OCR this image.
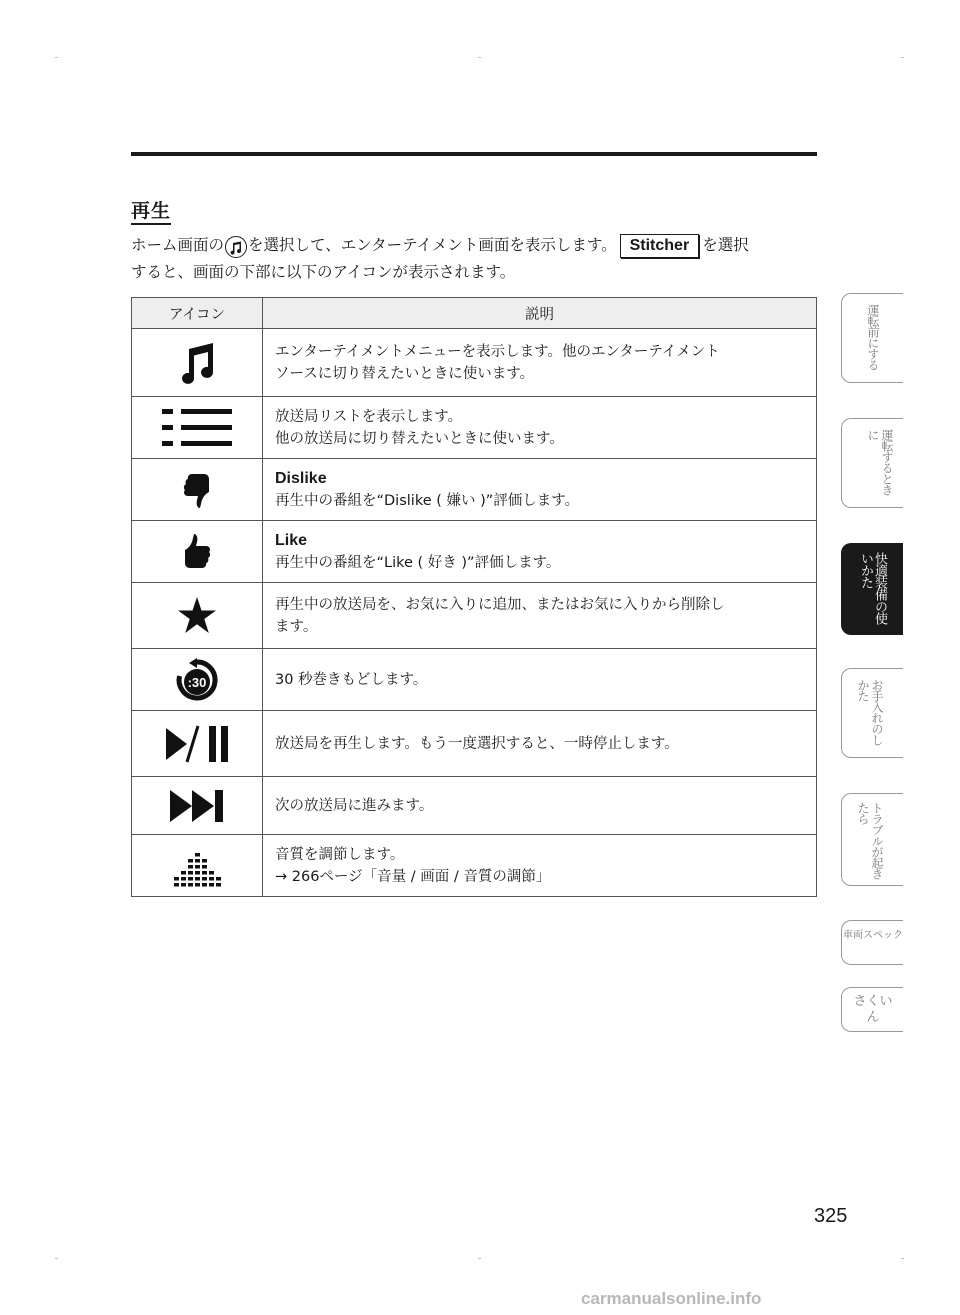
再生
ホーム画面の を選択して、エンターテイメント画面を表示します。 Stitcher を選択
すると、画面の下部に以下のアイコンが表示されます。
アイコン	説明

	エンターテイメントメニューを表示します。他のエンターテイメント
ソースに切り替えたいときに使います。

	放送局リストを表示します。
他の放送局に切り替えたいときに使います。

	Dislike
再生中の番組を“Dislike ( 嫌い )”評価します。

	Like
再生中の番組を“Like ( 好き )”評価します。

	再生中の放送局を、お気に入りに追加、またはお気に入りから削除し
ます。

:30	30 秒巻きもどします。

	放送局を再生します。もう一度選択すると、一時停止します。

	次の放送局に進みます。

	音質を調節します。
→ 266ページ「音量 / 画面 / 音質の調節」
運転前にする
運転するときに
快適装備の使いかた
お手入れのしかた
トラブルが起きたら
車両スペック
さくいん
325
carmanualsonline.info
